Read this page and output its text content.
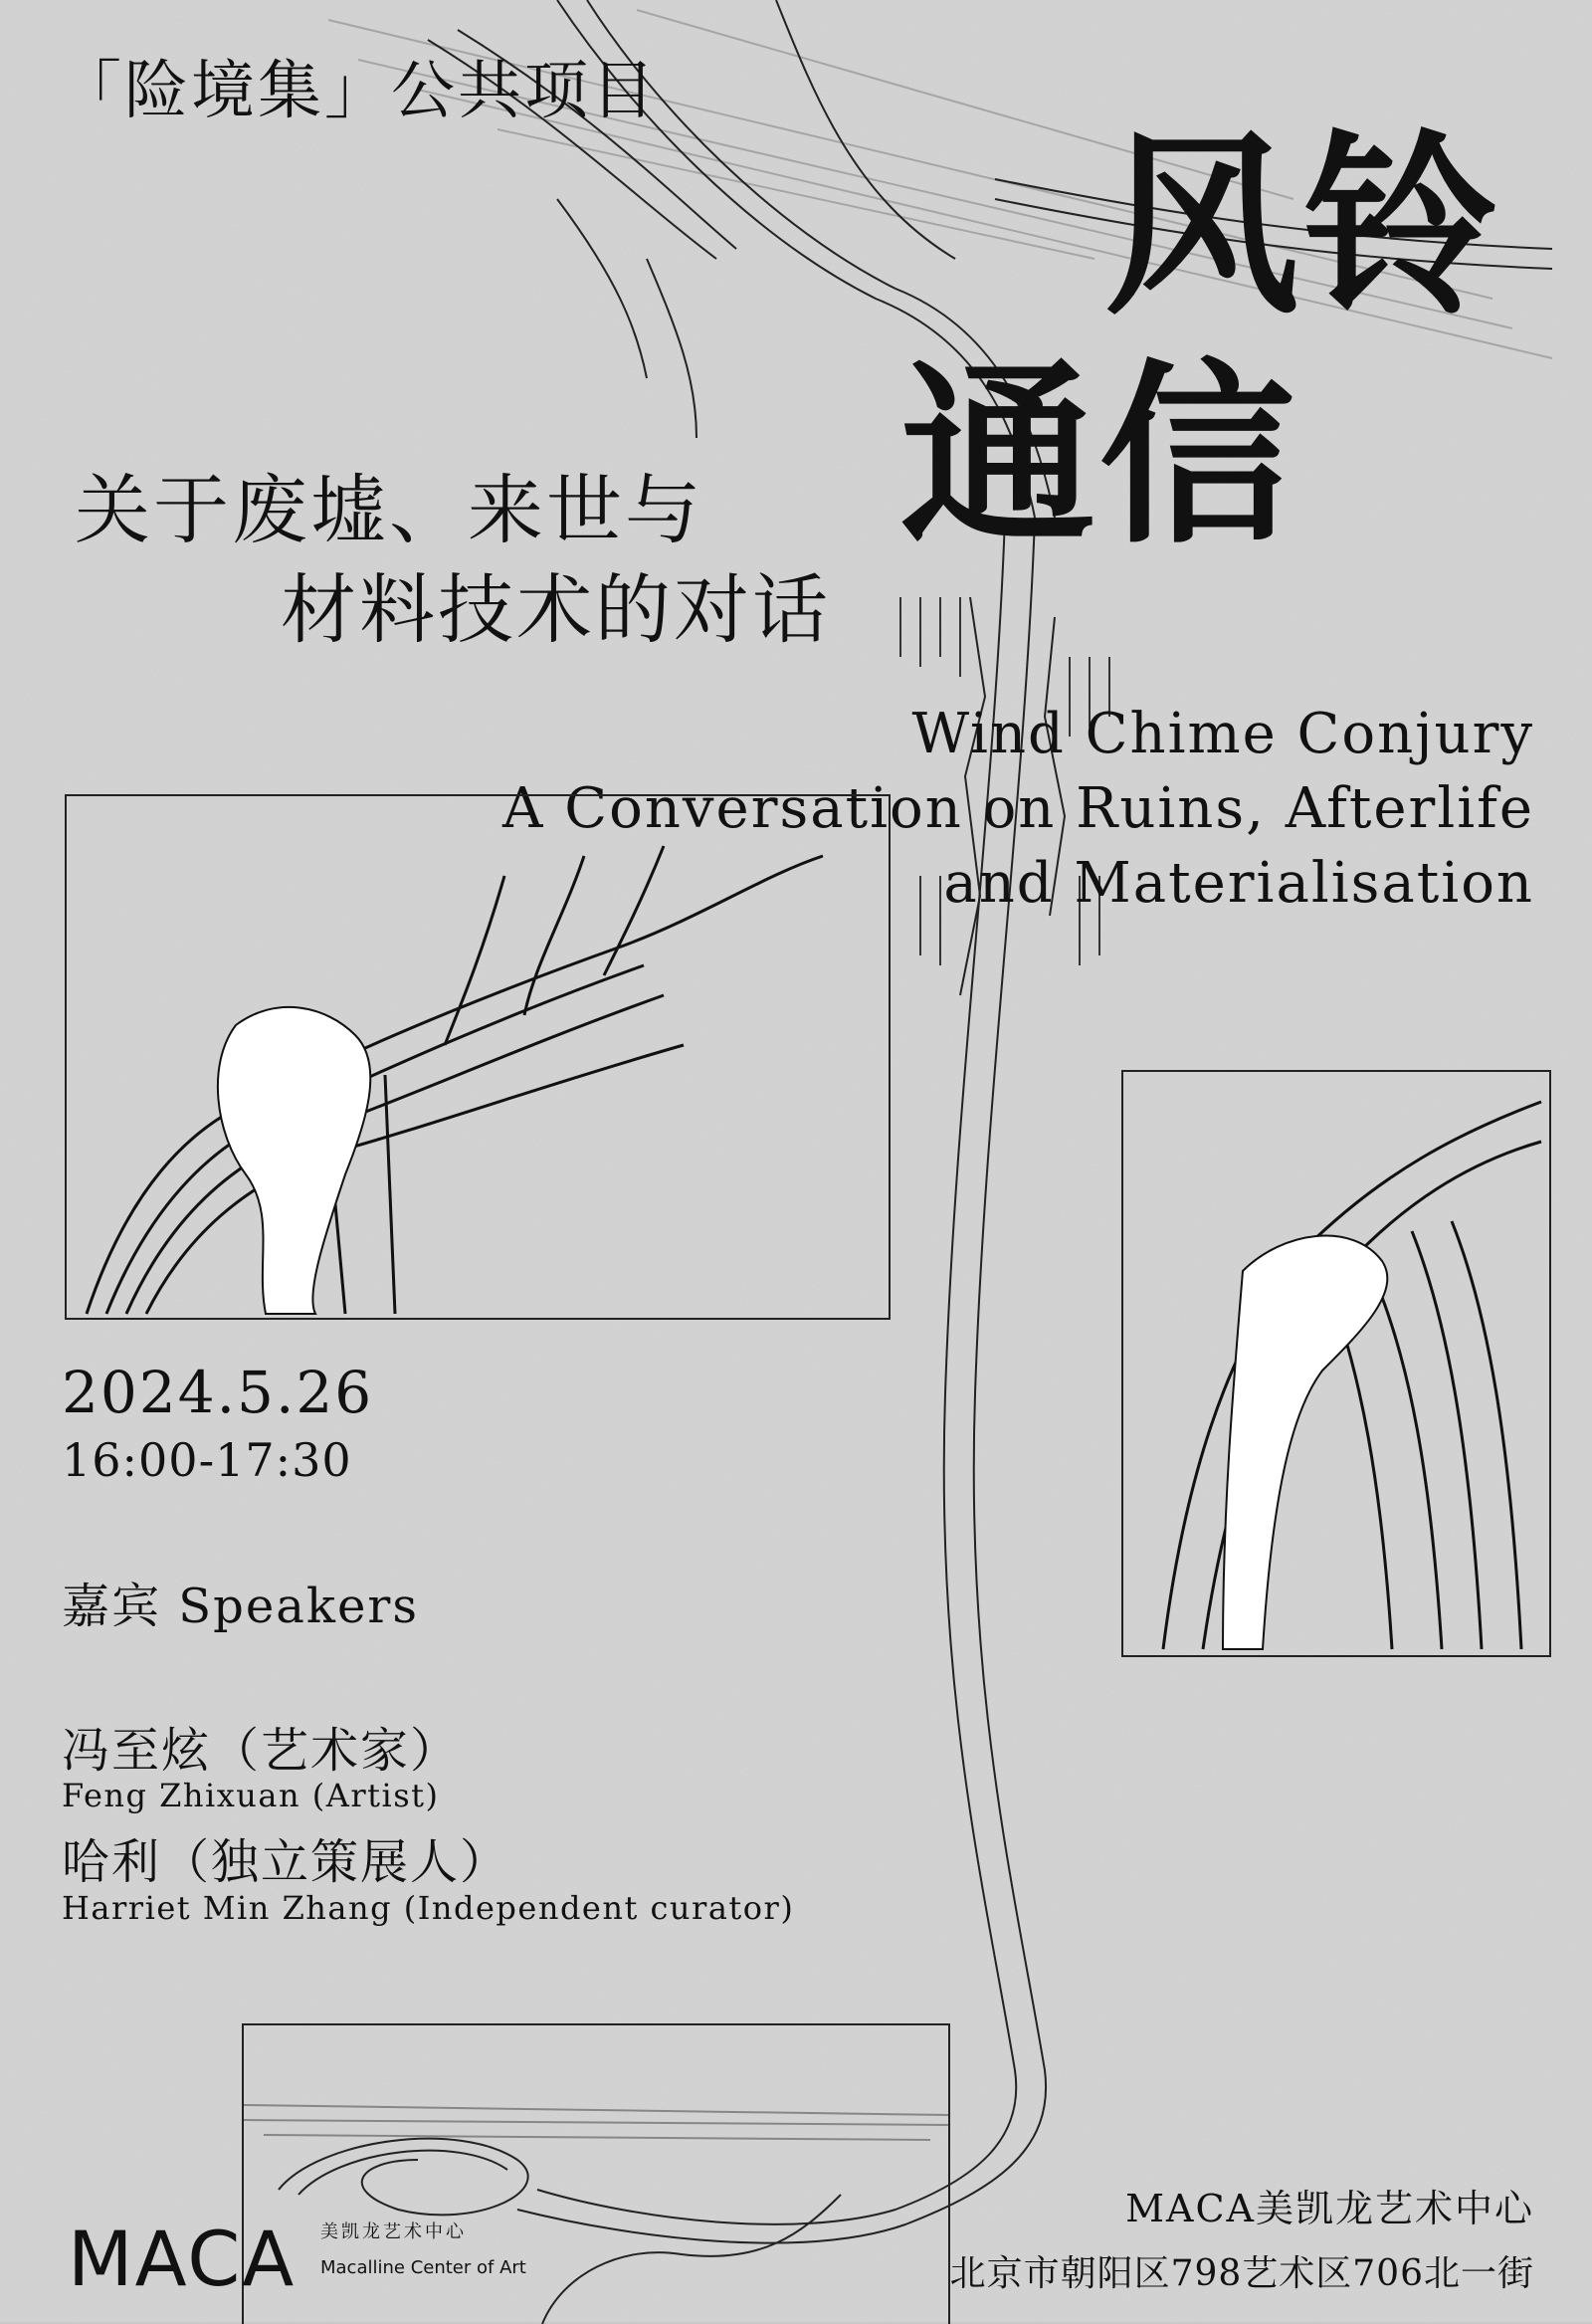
「险境集」公共项目
风铃
通信
关于废墟、来世与
材料技术的对话
Wind Chime Conjury
A Conversation on Ruins, Afterlife
and Materialisation
2024.5.26
16:00-17:30
嘉宾 Speakers
冯至炫（艺术家）
Feng Zhixuan (Artist)
哈利（独立策展人）
Harriet Min Zhang (Independent curator)
MACA 美凯龙艺术中心
Macalline Center of Art
MACA美凯龙艺术中心
北京市朝阳区798艺术区706北一街
